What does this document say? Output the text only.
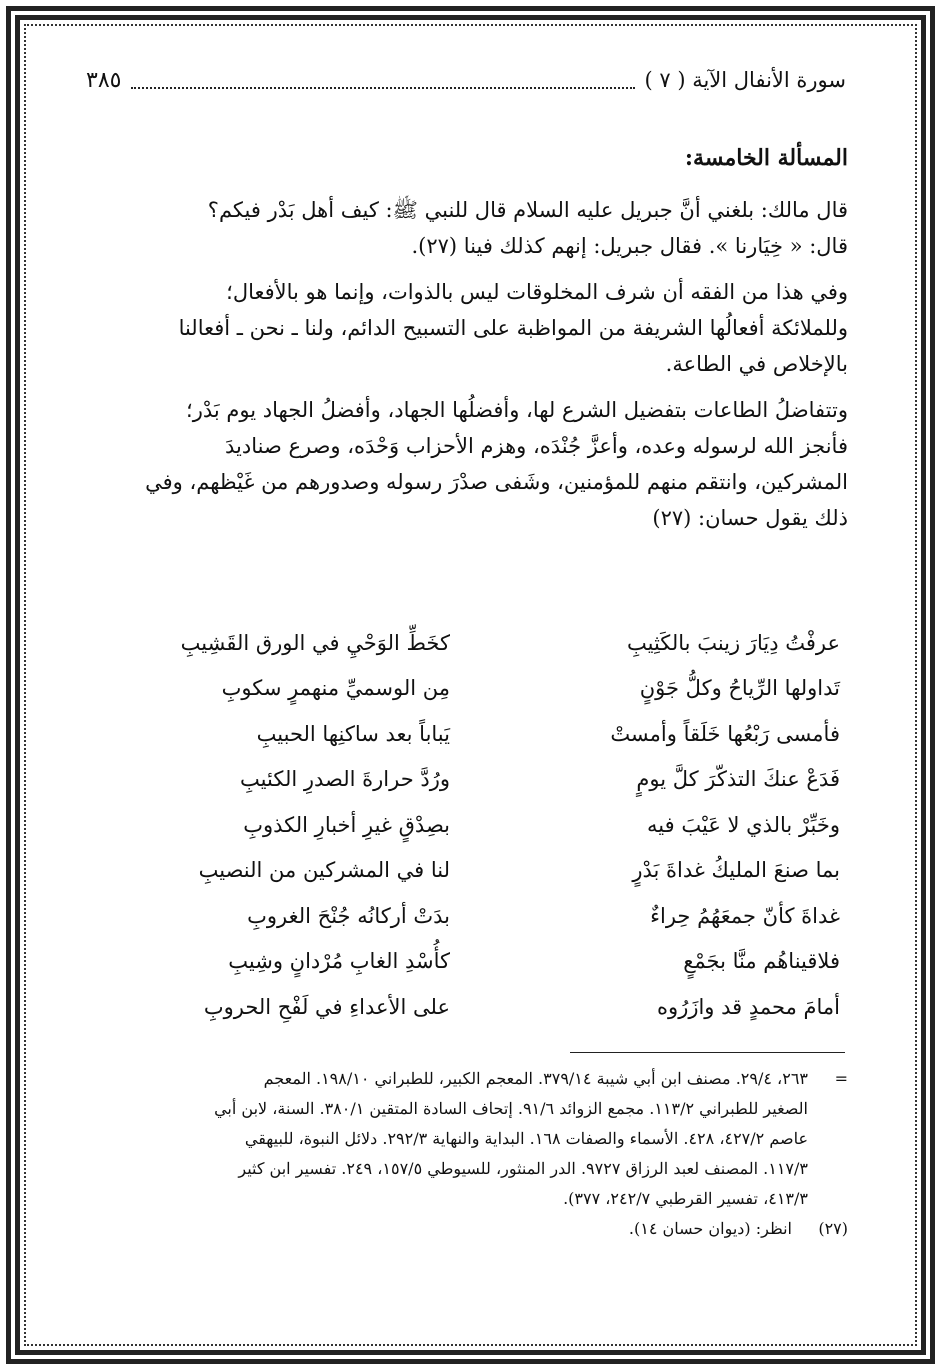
سورة الأنفال الآية ( ٧ )
٣٨٥
المسألة الخامسة:

قال مالك: بلغني أنَّ جبريل عليه السلام قال للنبي ﷺ: كيف أهل بَدْر فيكم؟

قال: « خِيَارنا ». فقال جبريل: إنهم كذلك فينا (٢٧).

وفي هذا من الفقه أن شرف المخلوقات ليس بالذوات، وإنما هو بالأفعال؛

وللملائكة أفعالُها الشريفة من المواظبة على التسبيح الدائم، ولنا ـ نحن ـ أفعالنا

بالإخلاص في الطاعة.

وتتفاضلُ الطاعات بتفضيل الشرع لها، وأفضلُها الجهاد، وأفضلُ الجهاد يوم بَدْر؛

فأنجز الله لرسوله وعده، وأعزَّ جُنْدَه، وهزم الأحزاب وَحْدَه، وصرع صناديدَ

المشركين، وانتقم منهم للمؤمنين، وشَفى صدْرَ رسوله وصدورهم من غَيْظهم، وفي

ذلك يقول حسان: (٢٧)

عرفْتُ دِيَارَ زينبَ بالكَثِيبِ
كخَطِّ الوَحْيِ في الورق القَشِيبِ
تَداولها الرِّياحُ وكلُّ جَوْنٍ
مِن الوسميِّ منهمرٍ سكوبِ
فأمسى رَبْعُها خَلَقاً وأمستْ
يَباباً بعد ساكنِها الحبيبِ
فَدَعْ عنكَ التذكّرَ كلَّ يومٍ
ورُدَّ حرارةَ الصدرِ الكئيبِ
وخَبِّرْ بالذي لا عَيْبَ فيه
بصِدْقٍ غيرِ أخبارِ الكذوبِ
بما صنعَ المليكُ غداةَ بَدْرٍ
لنا في المشركين من النصيبِ
غداةَ كأنّ جمعَهُمُ حِراءٌ
بدَتْ أركانُه جُنْحَ الغروبِ
فلاقيناهُم منَّا بجَمْعٍ
كأُسْدِ الغابِ مُرْدانٍ وشِيبِ
أمامَ محمدٍ قد وازَرُوه
على الأعداءِ في لَفْحِ الحروبِ
=٢٦٣، ٢٩/٤. مصنف ابن أبي شيبة ٣٧٩/١٤. المعجم الكبير، للطبراني ١٩٨/١٠. المعجم
الصغير للطبراني ١١٣/٢. مجمع الزوائد ٩١/٦. إتحاف السادة المتقين ٣٨٠/١. السنة، لابن أبي
عاصم ٤٢٧/٢، ٤٢٨. الأسماء والصفات ١٦٨. البداية والنهاية ٢٩٢/٣. دلائل النبوة، للبيهقي
١١٧/٣. المصنف لعبد الرزاق ٩٧٢٧. الدر المنثور، للسيوطي ١٥٧/٥، ٢٤٩. تفسير ابن كثير
٤١٣/٣، تفسير القرطبي ٢٤٢/٧، ٣٧٧).
(٢٧)انظر: (ديوان حسان ١٤).
